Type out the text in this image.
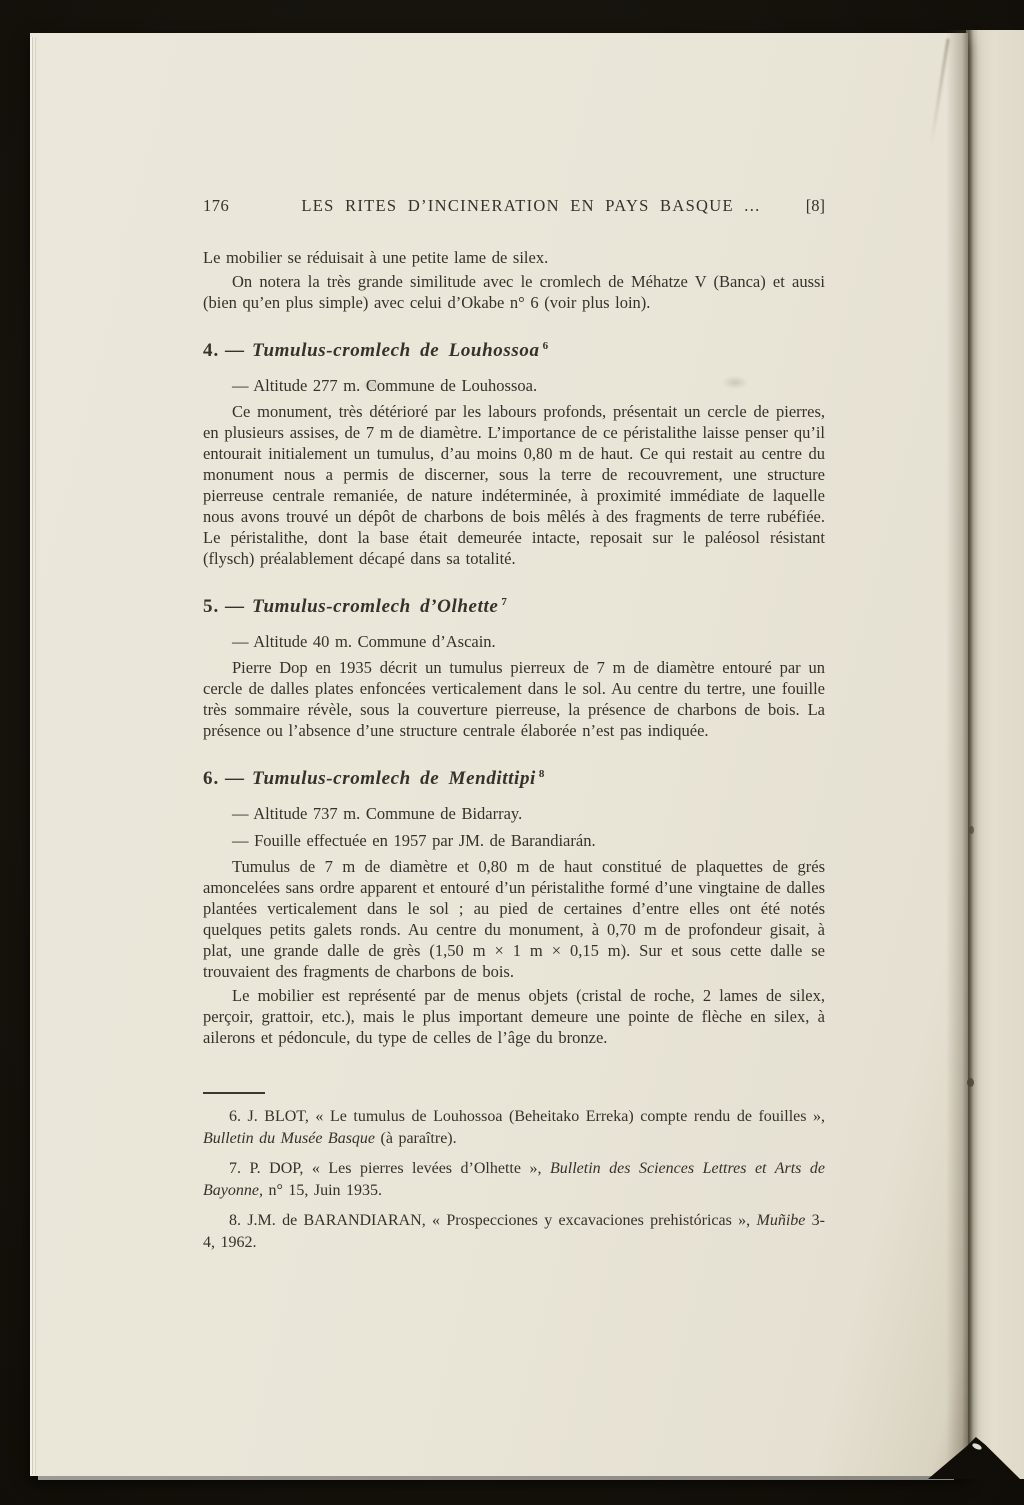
176	LES RITES D’INCINERATION EN PAYS BASQUE ...	[8]

Le mobilier se réduisait à une petite lame de silex.

On notera la très grande similitude avec le cromlech de Méhatze V (Banca) et aussi (bien qu’en plus simple) avec celui d’Okabe n° 6 (voir plus loin).

4. — Tumulus-cromlech de Louhossoa $^6$

— Altitude 277 m. Commune de Louhossoa.

Ce monument, très détérioré par les labours profonds, présentait un cercle de pierres, en plusieurs assises, de 7 m de diamètre. L’importance de ce péristalithe laisse penser qu’il entourait initialement un tumulus, d’au moins 0,80 m de haut. Ce qui restait au centre du monument nous a permis de discerner, sous la terre de recouvrement, une structure pierreuse centrale remaniée, de nature indéterminée, à proximité immédiate de laquelle nous avons trouvé un dépôt de charbons de bois mêlés à des fragments de terre rubéfiée. Le péristalithe, dont la base était demeurée intacte, reposait sur le paléosol résistant (flysch) préalablement décapé dans sa totalité.

5. — Tumulus-cromlech d’Olhette $^7$

— Altitude 40 m. Commune d’Ascain.

Pierre Dop en 1935 décrit un tumulus pierreux de 7 m de diamètre entouré par un cercle de dalles plates enfoncées verticalement dans le sol. Au centre du tertre, une fouille très sommaire révèle, sous la couverture pierreuse, la présence de charbons de bois. La présence ou l’absence d’une structure centrale élaborée n’est pas indiquée.

6. — Tumulus-cromlech de Mendittipi $^8$

— Altitude 737 m. Commune de Bidarray.

— Fouille effectuée en 1957 par JM. de Barandiarán.

Tumulus de 7 m de diamètre et 0,80 m de haut constitué de plaquettes de grés amoncelées sans ordre apparent et entouré d’un péristalithe formé d’une vingtaine de dalles plantées verticalement dans le sol ; au pied de certaines d’entre elles ont été notés quelques petits galets ronds. Au centre du monument, à 0,70 m de profondeur gisait, à plat, une grande dalle de grès (1,50 m × 1 m × 0,15 m). Sur et sous cette dalle se trouvaient des fragments de charbons de bois.

Le mobilier est représenté par de menus objets (cristal de roche, 2 lames de silex, perçoir, grattoir, etc.), mais le plus important demeure une pointe de flèche en silex, à ailerons et pédoncule, du type de celles de l’âge du bronze.

6. J. BLOT, « Le tumulus de Louhossoa (Beheitako Erreka) compte rendu de fouilles », Bulletin du Musée Basque (à paraître).

7. P. DOP, « Les pierres levées d’Olhette », Bulletin des Sciences Lettres et Arts de Bayonne, n° 15, Juin 1935.

8. J.M. de BARANDIARAN, « Prospecciones y excavaciones prehistóricas », Muñibe 3-4, 1962.
